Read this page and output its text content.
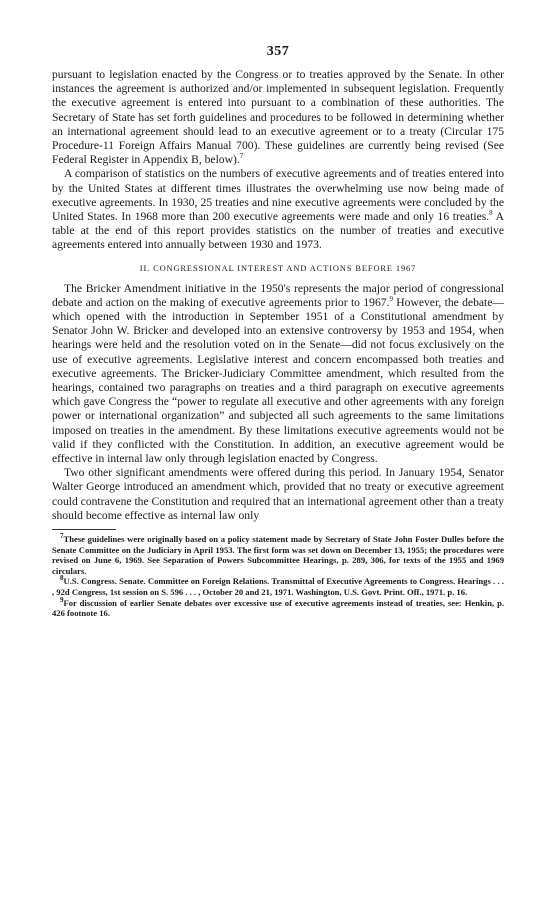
357

pursuant to legislation enacted by the Congress or to treaties approved by the Senate. In other instances the agreement is authorized and/or implemented in subsequent legislation. Frequently the executive agreement is entered into pursuant to a combination of these authorities. The Secretary of State has set forth guidelines and procedures to be followed in determining whether an international agreement should lead to an executive agreement or to a treaty (Circular 175 Procedure-11 Foreign Affairs Manual 700). These guidelines are currently being revised (See Federal Register in Appendix B, below).$^7$

A comparison of statistics on the numbers of executive agreements and of treaties entered into by the United States at different times illustrates the overwhelming use now being made of executive agreements. In 1930, 25 treaties and nine executive agreements were concluded by the United States. In 1968 more than 200 executive agreements were made and only 16 treaties.$^8$ A table at the end of this report provides statistics on the number of treaties and executive agreements entered into annually between 1930 and 1973.

II. CONGRESSIONAL INTEREST AND ACTIONS BEFORE 1967

The Bricker Amendment initiative in the 1950's represents the major period of congressional debate and action on the making of executive agreements prior to 1967.$^9$ However, the debate—which opened with the introduction in September 1951 of a Constitutional amendment by Senator John W. Bricker and developed into an extensive controversy by 1953 and 1954, when hearings were held and the resolution voted on in the Senate—did not focus exclusively on the use of executive agreements. Legislative interest and concern encompassed both treaties and executive agreements. The Bricker-Judiciary Committee amendment, which resulted from the hearings, contained two paragraphs on treaties and a third paragraph on executive agreements which gave Congress the “power to regulate all executive and other agreements with any foreign power or international organization” and subjected all such agreements to the same limitations imposed on treaties in the amendment. By these limitations executive agreements would not be valid if they conflicted with the Constitution. In addition, an executive agreement would be effective in internal law only through legislation enacted by Congress.

Two other significant amendments were offered during this period. In January 1954, Senator Walter George introduced an amendment which, provided that no treaty or executive agreement could contravene the Constitution and required that an international agreement other than a treaty should become effective as internal law only

$^7$These guidelines were originally based on a policy statement made by Secretary of State John Foster Dulles before the Senate Committee on the Judiciary in April 1953. The first form was set down on December 13, 1955; the procedures were revised on June 6, 1969. See Separation of Powers Subcommittee Hearings, p. 289, 306, for texts of the 1955 and 1969 circulars.

$^8$U.S. Congress. Senate. Committee on Foreign Relations. Transmittal of Executive Agreements to Congress. Hearings . . . , 92d Congress, 1st session on S. 596 . . . , October 20 and 21, 1971. Washington, U.S. Govt. Print. Off., 1971. p. 16.

$^9$For discussion of earlier Senate debates over excessive use of executive agreements instead of treaties, see: Henkin, p. 426 footnote 16.
